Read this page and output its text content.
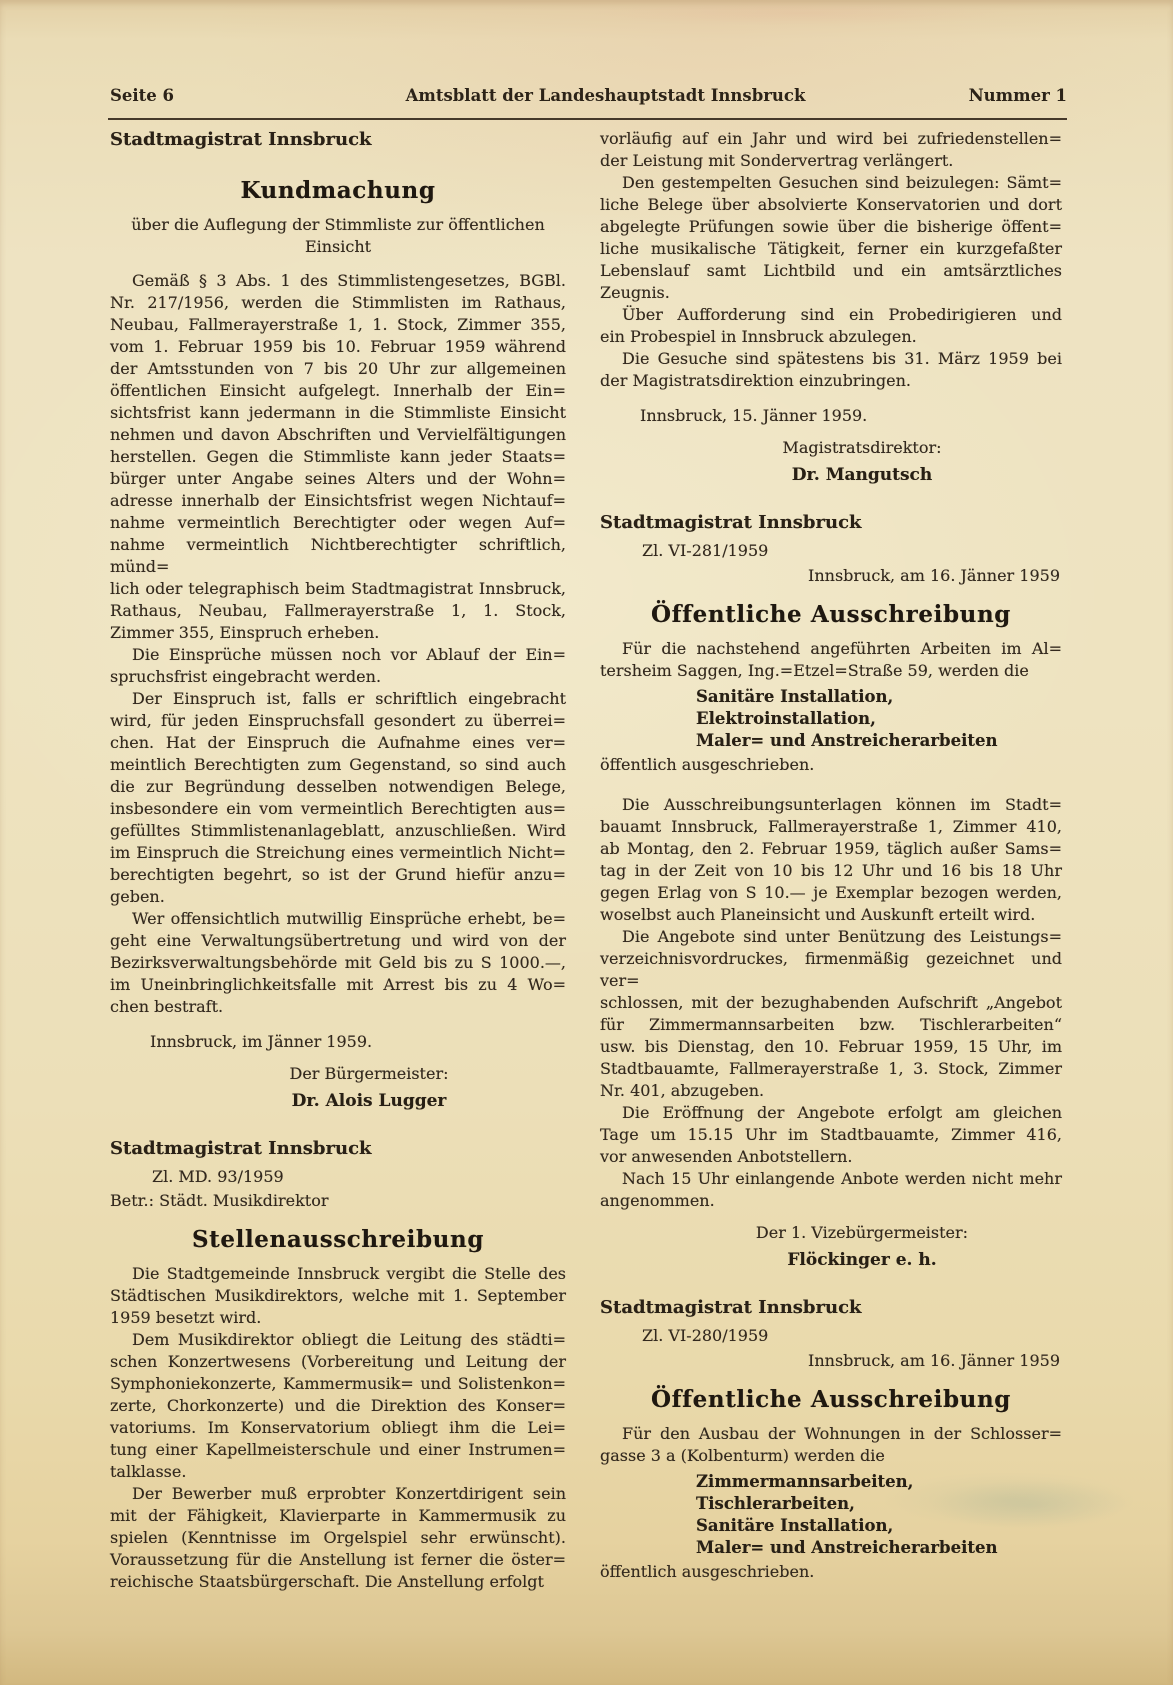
Seite 6	Amtsblatt der Landeshauptstadt Innsbruck	Nummer 1
Stadtmagistrat Innsbruck
Kundmachung
über die Auflegung der Stimmliste zur öffentlichen
Einsicht
Gemäß § 3 Abs. 1 des Stimmlistengesetzes, BGBl.
Nr. 217/1956, werden die Stimmlisten im Rathaus,
Neubau, Fallmerayerstraße 1, 1. Stock, Zimmer 355,
vom 1. Februar 1959 bis 10. Februar 1959 während
der Amtsstunden von 7 bis 20 Uhr zur allgemeinen
öffentlichen Einsicht aufgelegt. Innerhalb der Ein=
sichtsfrist kann jedermann in die Stimmliste Einsicht
nehmen und davon Abschriften und Vervielfältigungen
herstellen. Gegen die Stimmliste kann jeder Staats=
bürger unter Angabe seines Alters und der Wohn=
adresse innerhalb der Einsichtsfrist wegen Nichtauf=
nahme vermeintlich Berechtigter oder wegen Auf=
nahme vermeintlich Nichtberechtigter schriftlich, münd=
lich oder telegraphisch beim Stadtmagistrat Innsbruck,
Rathaus, Neubau, Fallmerayerstraße 1, 1. Stock,
Zimmer 355, Einspruch erheben.
Die Einsprüche müssen noch vor Ablauf der Ein=
spruchsfrist eingebracht werden.
Der Einspruch ist, falls er schriftlich eingebracht
wird, für jeden Einspruchsfall gesondert zu überrei=
chen. Hat der Einspruch die Aufnahme eines ver=
meintlich Berechtigten zum Gegenstand, so sind auch
die zur Begründung desselben notwendigen Belege,
insbesondere ein vom vermeintlich Berechtigten aus=
gefülltes Stimmlistenanlageblatt, anzuschließen. Wird
im Einspruch die Streichung eines vermeintlich Nicht=
berechtigten begehrt, so ist der Grund hiefür anzu=
geben.
Wer offensichtlich mutwillig Einsprüche erhebt, be=
geht eine Verwaltungsübertretung und wird von der
Bezirksverwaltungsbehörde mit Geld bis zu S 1000.—,
im Uneinbringlichkeitsfalle mit Arrest bis zu 4 Wo=
chen bestraft.
Innsbruck, im Jänner 1959.
Der Bürgermeister:
Dr. Alois Lugger
Stadtmagistrat Innsbruck
Zl. MD. 93/1959
Betr.: Städt. Musikdirektor
Stellenausschreibung
Die Stadtgemeinde Innsbruck vergibt die Stelle des
Städtischen Musikdirektors, welche mit 1. September
1959 besetzt wird.
Dem Musikdirektor obliegt die Leitung des städti=
schen Konzertwesens (Vorbereitung und Leitung der
Symphoniekonzerte, Kammermusik= und Solistenkon=
zerte, Chorkonzerte) und die Direktion des Konser=
vatoriums. Im Konservatorium obliegt ihm die Lei=
tung einer Kapellmeisterschule und einer Instrumen=
talklasse.
Der Bewerber muß erprobter Konzertdirigent sein
mit der Fähigkeit, Klavierparte in Kammermusik zu
spielen (Kenntnisse im Orgelspiel sehr erwünscht).
Voraussetzung für die Anstellung ist ferner die öster=
reichische Staatsbürgerschaft. Die Anstellung erfolgt
vorläufig auf ein Jahr und wird bei zufriedenstellen=
der Leistung mit Sondervertrag verlängert.
Den gestempelten Gesuchen sind beizulegen: Sämt=
liche Belege über absolvierte Konservatorien und dort
abgelegte Prüfungen sowie über die bisherige öffent=
liche musikalische Tätigkeit, ferner ein kurzgefaßter
Lebenslauf samt Lichtbild und ein amtsärztliches
Zeugnis.
Über Aufforderung sind ein Probedirigieren und
ein Probespiel in Innsbruck abzulegen.
Die Gesuche sind spätestens bis 31. März 1959 bei
der Magistratsdirektion einzubringen.
Innsbruck, 15. Jänner 1959.
Magistratsdirektor:
Dr. Mangutsch
Stadtmagistrat Innsbruck
Zl. VI-281/1959
Innsbruck, am 16. Jänner 1959
Öffentliche Ausschreibung
Für die nachstehend angeführten Arbeiten im Al=
tersheim Saggen, Ing.=Etzel=Straße 59, werden die
Sanitäre Installation,
Elektroinstallation,
Maler= und Anstreicherarbeiten
öffentlich ausgeschrieben.
Die Ausschreibungsunterlagen können im Stadt=
bauamt Innsbruck, Fallmerayerstraße 1, Zimmer 410,
ab Montag, den 2. Februar 1959, täglich außer Sams=
tag in der Zeit von 10 bis 12 Uhr und 16 bis 18 Uhr
gegen Erlag von S 10.— je Exemplar bezogen werden,
woselbst auch Planeinsicht und Auskunft erteilt wird.
Die Angebote sind unter Benützung des Leistungs=
verzeichnisvordruckes, firmenmäßig gezeichnet und ver=
schlossen, mit der bezughabenden Aufschrift „Angebot
für Zimmermannsarbeiten bzw. Tischlerarbeiten“
usw. bis Dienstag, den 10. Februar 1959, 15 Uhr, im
Stadtbauamte, Fallmerayerstraße 1, 3. Stock, Zimmer
Nr. 401, abzugeben.
Die Eröffnung der Angebote erfolgt am gleichen
Tage um 15.15 Uhr im Stadtbauamte, Zimmer 416,
vor anwesenden Anbotstellern.
Nach 15 Uhr einlangende Anbote werden nicht mehr
angenommen.
Der 1. Vizebürgermeister:
Flöckinger e. h.
Stadtmagistrat Innsbruck
Zl. VI-280/1959
Innsbruck, am 16. Jänner 1959
Öffentliche Ausschreibung
Für den Ausbau der Wohnungen in der Schlosser=
gasse 3 a (Kolbenturm) werden die
Zimmermannsarbeiten,
Tischlerarbeiten,
Sanitäre Installation,
Maler= und Anstreicherarbeiten
öffentlich ausgeschrieben.
